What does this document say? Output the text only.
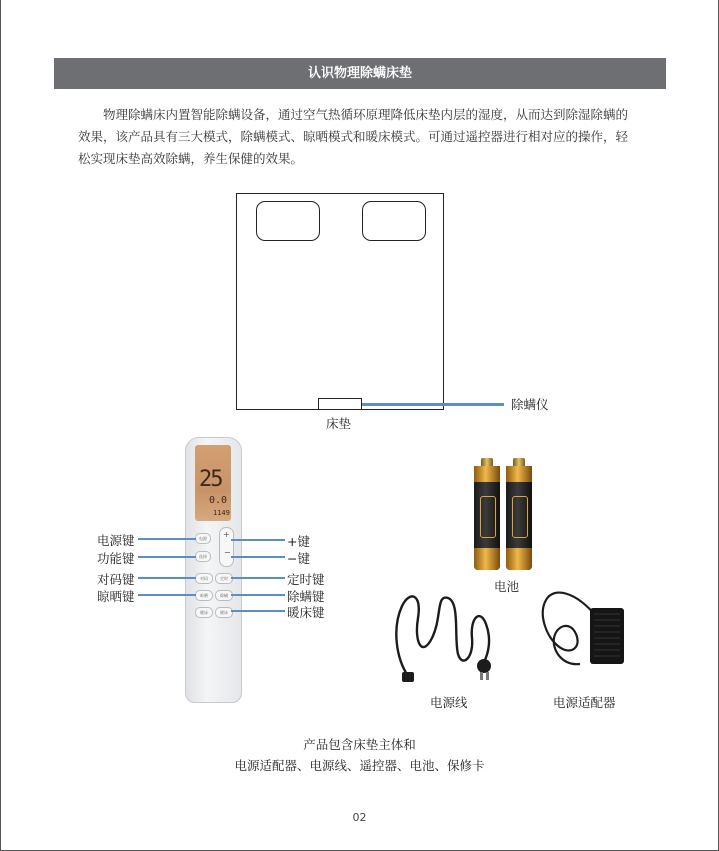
认识物理除螨床垫

物理除螨床内置智能除螨设备，通过空气热循环原理降低床垫内层的湿度，从而达到除湿除螨的效果，该产品具有三大模式，除螨模式、晾晒模式和暖床模式。可通过遥控器进行相对应的操作，轻松实现床垫高效除螨，养生保健的效果。

除螨仪
床垫
25
0.0
1149
电源
选择
+
−
对码	定时
晾晒	除螨
暖床	暖床
电源键
功能键
对码键
晾晒键
+键
−键
定时键
除螨键
暖床键
电池
电源线	电源适配器
产品包含床垫主体和
电源适配器、电源线、遥控器、电池、保修卡
02
